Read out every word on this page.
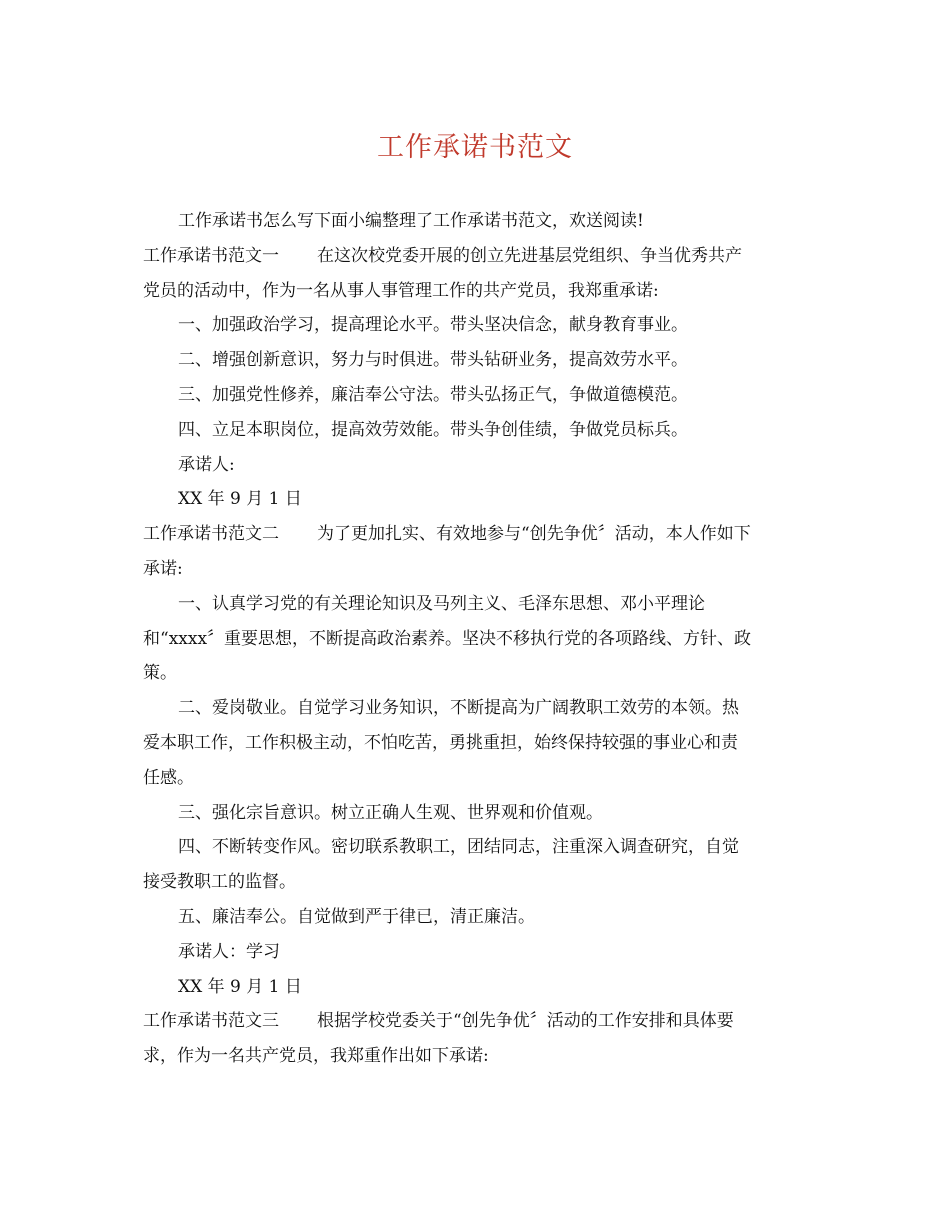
工作承诺书范文

工作承诺书怎么写下面小编整理了工作承诺书范文，欢送阅读!

工作承诺书范文一 在这次校党委开展的创立先进基层党组织、争当优秀共产

党员的活动中，作为一名从事人事管理工作的共产党员，我郑重承诺:

一、加强政治学习，提高理论水平。带头坚决信念，献身教育事业。

二、增强创新意识，努力与时俱进。带头钻研业务，提高效劳水平。

三、加强党性修养，廉洁奉公守法。带头弘扬正气，争做道德模范。

四、立足本职岗位，提高效劳效能。带头争创佳绩，争做党员标兵。

承诺人:

XX 年 9 月 1 日

工作承诺书范文二 为了更加扎实、有效地参与“创先争优〞活动，本人作如下

承诺:

一、认真学习党的有关理论知识及马列主义、毛泽东思想、邓小平理论

和“xxxx〞重要思想，不断提高政治素养。坚决不移执行党的各项路线、方针、政

策。

二、爱岗敬业。自觉学习业务知识，不断提高为广阔教职工效劳的本领。热

爱本职工作，工作积极主动，不怕吃苦，勇挑重担，始终保持较强的事业心和责

任感。

三、强化宗旨意识。树立正确人生观、世界观和价值观。

四、不断转变作风。密切联系教职工，团结同志，注重深入调查研究，自觉

接受教职工的监督。

五、廉洁奉公。自觉做到严于律已，清正廉洁。

承诺人：学习

XX 年 9 月 1 日

工作承诺书范文三 根据学校党委关于“创先争优〞活动的工作安排和具体要

求，作为一名共产党员，我郑重作出如下承诺:
